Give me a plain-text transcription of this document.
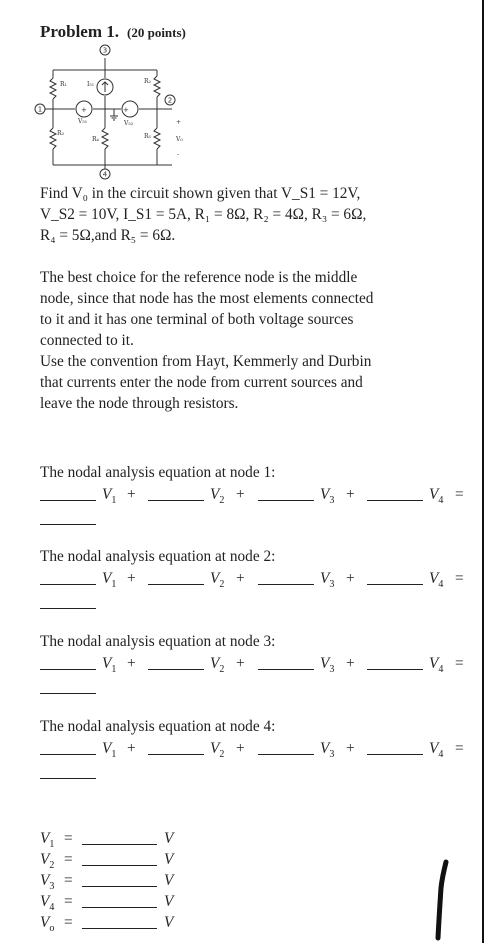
Problem 1. (20 points)
+	+
3
1
2
4
R₁	I₅₁	R₂
V₅₁	V₅₂
R₃
R₄	R₅
+
V₀
-
Find V₀ in the circuit shown given that V_S1 = 12V,
V_S2 = 10V, I_S1 = 5A, R₁ = 8Ω, R₂ = 4Ω, R₃ = 6Ω,
R₄ = 5Ω,and R₅ = 6Ω.
The best choice for the reference node is the middle
node, since that node has the most elements connected
to it and it has one terminal of both voltage sources
connected to it.
Use the convention from Hayt, Kemmerly and Durbin
that currents enter the node from current sources and
leave the node through resistors.
The nodal analysis equation at node 1:
$V_1$ +	$V_2$ +	$V_3$ +	$V_4$ =
The nodal analysis equation at node 2:
$V_1$ +	$V_2$ +	$V_3$ +	$V_4$ =
The nodal analysis equation at node 3:
$V_1$ +	$V_2$ +	$V_3$ +	$V_4$ =
The nodal analysis equation at node 4:
$V_1$ +	$V_2$ +	$V_3$ +	$V_4$ =
$V_1$ =	V
$V_2$ =	V
$V_3$ =	V
$V_4$ =	V
$V_o$ =	V
